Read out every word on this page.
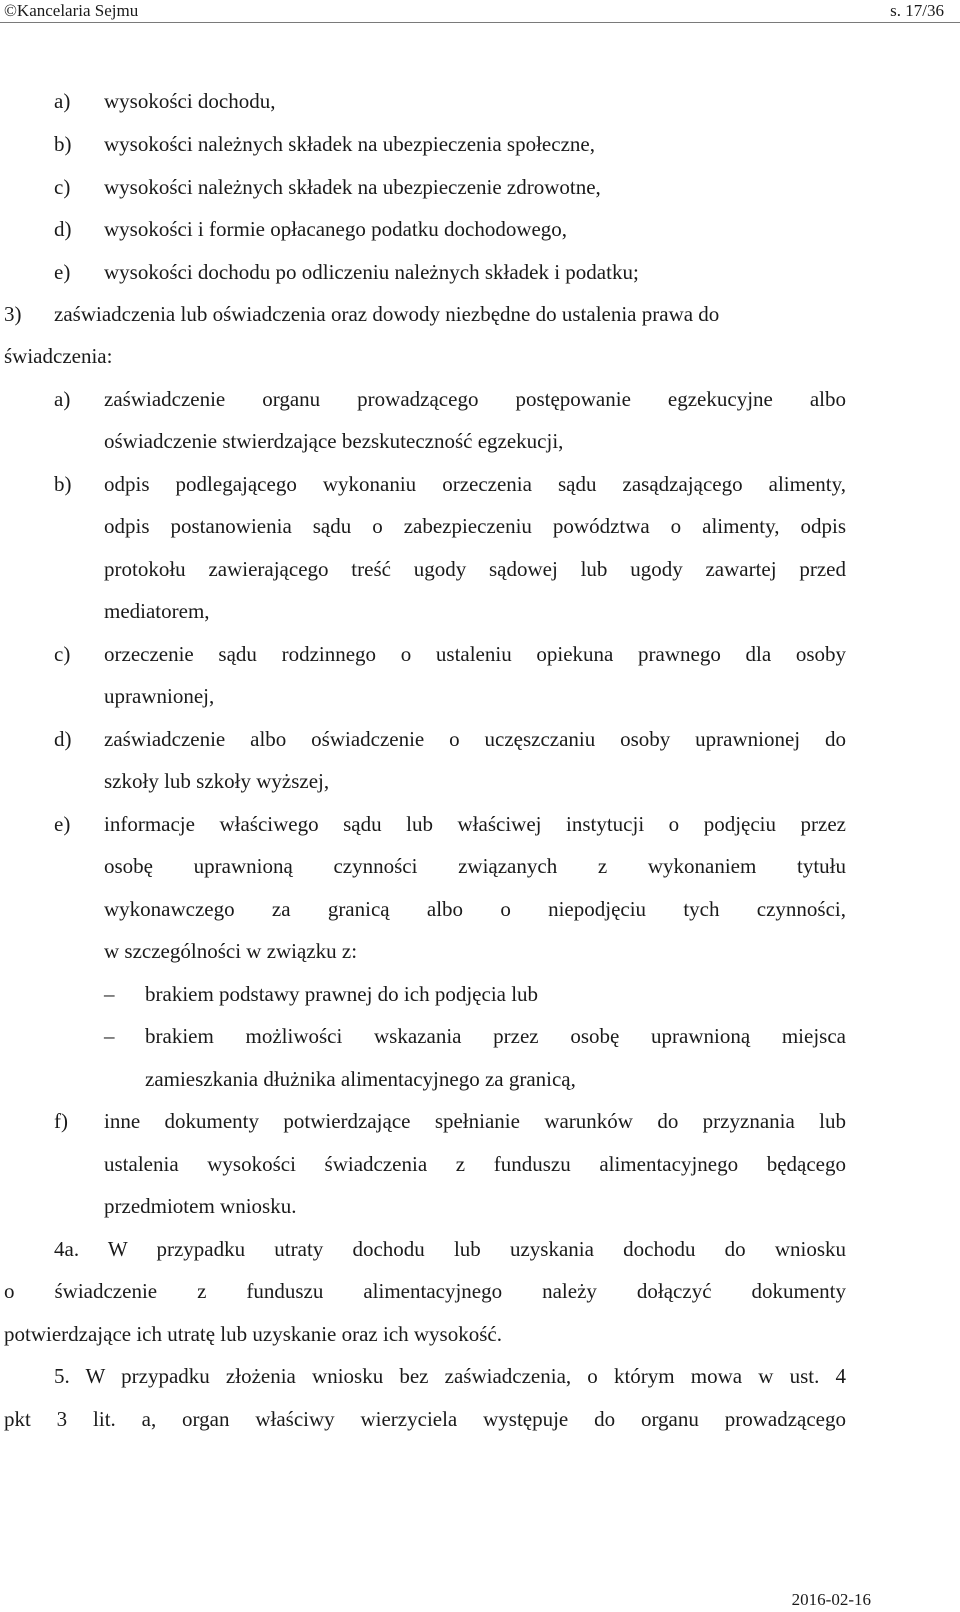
©Kancelaria Sejmu	s. 17/36
a) wysokości dochodu,
b) wysokości należnych składek na ubezpieczenia społeczne,
c) wysokości należnych składek na ubezpieczenie zdrowotne,
d) wysokości i formie opłacanego podatku dochodowego,
e) wysokości dochodu po odliczeniu należnych składek i podatku;
3) zaświadczenia lub oświadczenia oraz dowody niezbędne do ustalenia prawa do
świadczenia:
a) zaświadczenie organu prowadzącego postępowanie egzekucyjne albo
oświadczenie stwierdzające bezskuteczność egzekucji,
b) odpis podlegającego wykonaniu orzeczenia sądu zasądzającego alimenty,
odpis postanowienia sądu o zabezpieczeniu powództwa o alimenty, odpis
protokołu zawierającego treść ugody sądowej lub ugody zawartej przed
mediatorem,
c) orzeczenie sądu rodzinnego o ustaleniu opiekuna prawnego dla osoby
uprawnionej,
d) zaświadczenie albo oświadczenie o uczęszczaniu osoby uprawnionej do
szkoły lub szkoły wyższej,
e) informacje właściwego sądu lub właściwej instytucji o podjęciu przez
osobę uprawnioną czynności związanych z wykonaniem tytułu
wykonawczego za granicą albo o niepodjęciu tych czynności,
w szczególności w związku z:
– brakiem podstawy prawnej do ich podjęcia lub
– brakiem możliwości wskazania przez osobę uprawnioną miejsca
zamieszkania dłużnika alimentacyjnego za granicą,
f) inne dokumenty potwierdzające spełnianie warunków do przyznania lub
ustalenia wysokości świadczenia z funduszu alimentacyjnego będącego
przedmiotem wniosku.
4a. W przypadku utraty dochodu lub uzyskania dochodu do wniosku
o świadczenie z funduszu alimentacyjnego należy dołączyć dokumenty
potwierdzające ich utratę lub uzyskanie oraz ich wysokość.
5. W przypadku złożenia wniosku bez zaświadczenia, o którym mowa w ust. 4
pkt 3 lit. a, organ właściwy wierzyciela występuje do organu prowadzącego
2016-02-16
